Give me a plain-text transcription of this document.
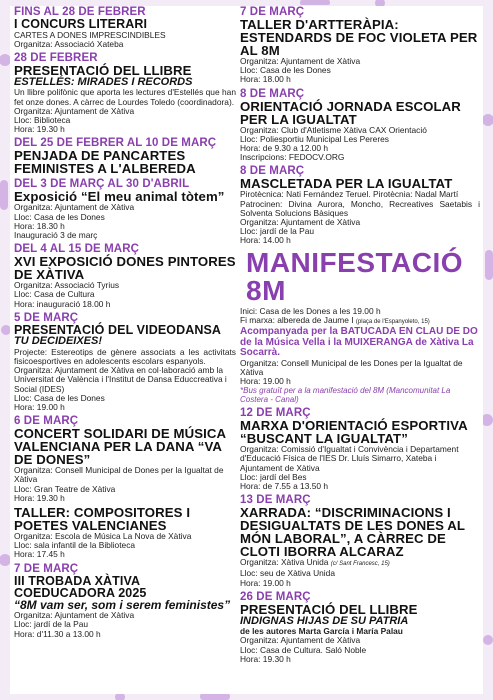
FINS AL 28 DE FEBRER
I CONCURS LITERARI
CARTES A DONES IMPRESCINDIBLES
Organitza: Associació Xateba
28 DE FEBRER
PRESENTACIÓ DEL LLIBRE
ESTELLÉS: MIRADES I RECORDS
Un llibre polifònic que aporta les lectures d'Estellés que han fet onze dones. A càrrec de Lourdes Toledo (coordinadora).
Organitza: Ajuntament de Xàtiva
Lloc: Biblioteca
Hora: 19.30 h
DEL 25 DE FEBRER AL 10 DE MARÇ
PENJADA DE PANCARTES FEMINISTES A L'ALBEREDA
DEL 3 DE MARÇ AL 30 D'ABRIL
Exposició “El meu animal tòtem”
Organitza: Ajuntament de Xàtiva
Lloc: Casa de les Dones
Hora: 18.30 h
Inauguració 3 de març
DEL 4 AL 15 DE MARÇ
XVI EXPOSICIÓ DONES PINTORES DE XÀTIVA
Organitza: Associació Tyrius
Lloc: Casa de Cultura
Hora: inauguració 18.00 h
5 DE MARÇ
PRESENTACIÓ DEL VIDEODANSA
TU DECIDEIXES!
Projecte: Estereotips de gènere associats a les activitats fisicoesportives en adolescents escolars espanyols.
Organitza: Ajuntament de Xàtiva en col·laboració amb la Universitat de València i l'Institut de Dansa Educcreativa i Social (IDES)
Lloc: Casa de les Dones
Hora: 19.00 h
6 DE MARÇ
CONCERT SOLIDARI DE MÚSICA VALENCIANA PER LA DANA “VA DE DONES”
Organitza: Consell Municipal de Dones per la Igualtat de Xàtiva
Lloc: Gran Teatre de Xàtiva
Hora: 19.30 h
TALLER: COMPOSITORES I POETES VALENCIANES
Organitza: Escola de Música La Nova de Xàtiva
Lloc: sala infantil de la Biblioteca
Hora: 17.45 h
7 DE MARÇ
III TROBADA XÀTIVA COEDUCADORA 2025
“8M vam ser, som i serem feministes”
Organitza: Ajuntament de Xàtiva
Lloc: jardí de la Pau
Hora: d'11.30 a 13.00 h
7 DE MARÇ
TALLER D'ARTTERÀPIA: ESTENDARDS DE FOC VIOLETA PER AL 8M
Organitza: Ajuntament de Xàtiva
Lloc: Casa de les Dones
Hora: 18.00 h
8 DE MARÇ
ORIENTACIÓ JORNADA ESCOLAR PER LA IGUALTAT
Organitza: Club d'Atletisme Xàtiva CAX Orientació
Lloc: Poliesportiu Municipal Les Pereres
Hora: de 9.30 a 12.00 h
Inscripcions: FEDOCV.ORG
8 DE MARÇ
MASCLETADA PER LA IGUALTAT
Pirotècnica: Nati Fernández Teruel. Pirotècnia: Nadal Martí
Patrocinen: Divina Aurora, Moncho, Recreatives Saetabis i Solventa Solucions Bàsiques
Organitza: Ajuntament de Xàtiva
Lloc: jardí de la Pau
Hora: 14.00 h
MANIFESTACIÓ 8M
Inici: Casa de les Dones a les 19.00 h
Fi marxa: albereda de Jaume I (plaça de l'Espanyoleto, 15)
Acompanyada per la BATUCADA EN CLAU DE DO de la Música Vella i la MUIXERANGA de Xàtiva La Socarrà.
Organitza: Consell Municipal de les Dones per la Igualtat de Xàtiva
Hora: 19.00 h
*Bus gratuït per a la manifestació del 8M (Mancomunitat La Costera - Canal)
12 DE MARÇ
MARXA D'ORIENTACIÓ ESPORTIVA “BUSCANT LA IGUALTAT”
Organitza: Comissió d'Igualtat i Convivència i Departament d'Educació Física de l'IES Dr. Lluís Simarro, Xateba i Ajuntament de Xàtiva
Lloc: jardí del Bes
Hora: de 7.55 a 13.50 h
13 DE MARÇ
XARRADA: “DISCRIMINACIONS I DESIGUALTATS DE LES DONES AL MÓN LABORAL”, A CÀRREC DE CLOTI IBORRA ALCARAZ
Organitza: Xàtiva Unida (c/ Sant Francesc, 15)
Lloc: seu de Xàtiva Unida
Hora: 19.00 h
26 DE MARÇ
PRESENTACIÓ DEL LLIBRE
INDIGNAS HIJAS DE SU PATRIA
de les autores Marta García i María Palau
Organitza: Ajuntament de Xàtiva
Lloc: Casa de Cultura. Saló Noble
Hora: 19.30 h
